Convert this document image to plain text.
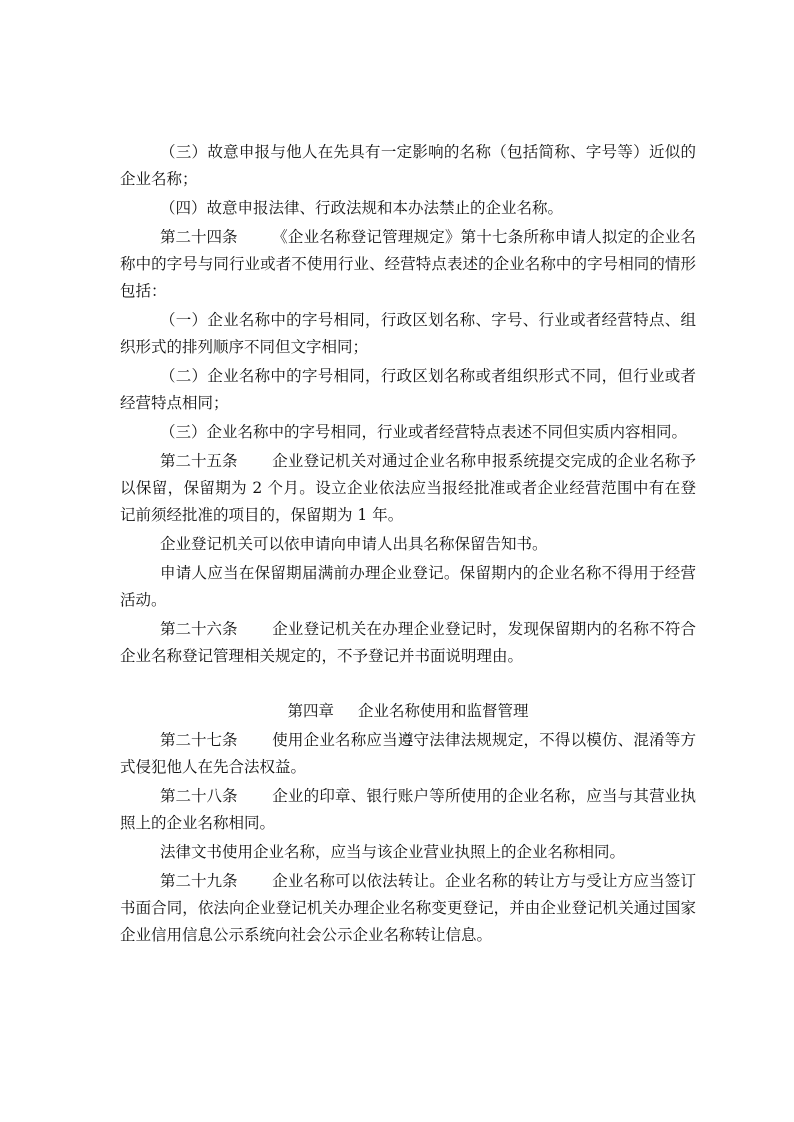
（三）故意申报与他人在先具有一定影响的名称（包括简称、字号等）近似的企业名称；

（四）故意申报法律、行政法规和本办法禁止的企业名称。

第二十四条 《企业名称登记管理规定》第十七条所称申请人拟定的企业名称中的字号与同行业或者不使用行业、经营特点表述的企业名称中的字号相同的情形包括：

（一）企业名称中的字号相同，行政区划名称、字号、行业或者经营特点、组织形式的排列顺序不同但文字相同；

（二）企业名称中的字号相同，行政区划名称或者组织形式不同，但行业或者经营特点相同；

（三）企业名称中的字号相同，行业或者经营特点表述不同但实质内容相同。

第二十五条 企业登记机关对通过企业名称申报系统提交完成的企业名称予以保留，保留期为 2 个月。设立企业依法应当报经批准或者企业经营范围中有在登记前须经批准的项目的，保留期为 1 年。

企业登记机关可以依申请向申请人出具名称保留告知书。

申请人应当在保留期届满前办理企业登记。保留期内的企业名称不得用于经营活动。

第二十六条 企业登记机关在办理企业登记时，发现保留期内的名称不符合企业名称登记管理相关规定的，不予登记并书面说明理由。

第四章 企业名称使用和监督管理

第二十七条 使用企业名称应当遵守法律法规规定，不得以模仿、混淆等方式侵犯他人在先合法权益。

第二十八条 企业的印章、银行账户等所使用的企业名称，应当与其营业执照上的企业名称相同。

法律文书使用企业名称，应当与该企业营业执照上的企业名称相同。

第二十九条 企业名称可以依法转让。企业名称的转让方与受让方应当签订书面合同，依法向企业登记机关办理企业名称变更登记，并由企业登记机关通过国家企业信用信息公示系统向社会公示企业名称转让信息。
